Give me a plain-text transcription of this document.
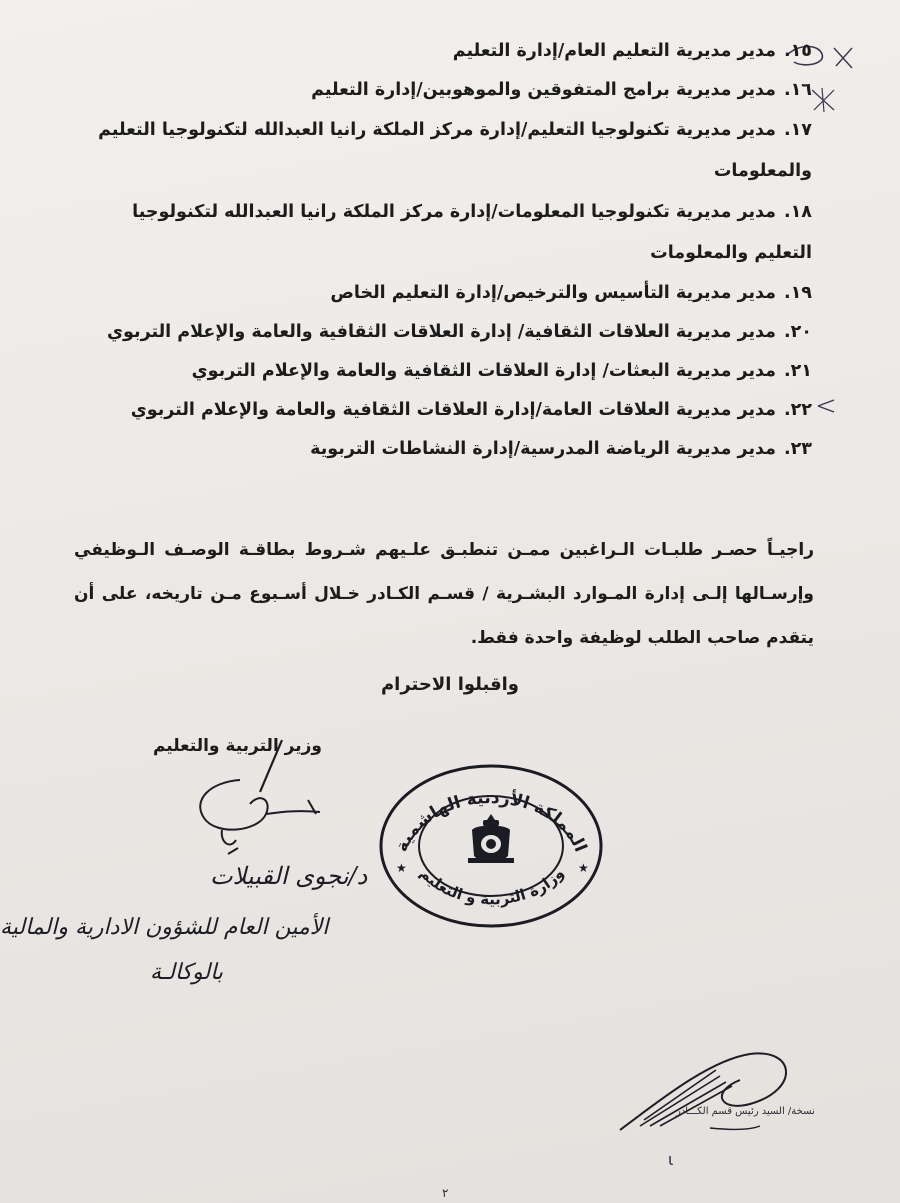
١٥.مدير مديرية التعليم العام/إدارة التعليم
١٦.مدير مديرية برامج المتفوقين والموهوبين/إدارة التعليم
١٧.مدير مديرية تكنولوجيا التعليم/إدارة مركز الملكة رانيا العبدالله لتكنولوجيا التعليم
والمعلومات
١٨.مدير مديرية تكنولوجيا المعلومات/إدارة مركز الملكة رانيا العبدالله لتكنولوجيا
التعليم والمعلومات
١٩.مدير مديرية التأسيس والترخيص/إدارة التعليم الخاص
٢٠.مدير مديرية العلاقات الثقافية/ إدارة العلاقات الثقافية والعامة والإعلام التربوي
٢١.مدير مديرية البعثات/ إدارة العلاقات الثقافية والعامة والإعلام التربوي
٢٢.مدير مديرية العلاقات العامة/إدارة العلاقات الثقافية والعامة والإعلام التربوي
٢٣.مدير مديرية الرياضة المدرسية/إدارة النشاطات التربوية
راجيـاً حصـر طلبـات الـراغبين ممـن تنطبـق علـيهم شـروط بطاقـة الوصـف الـوظيفي وإرسـالها إلـى إدارة المـوارد البشـرية / قسـم الكـادر خـلال أسـبوع مـن تاريخه، على أن يتقدم صاحب الطلب لوظيفة واحدة فقط.
واقبلوا الاحترام
وزير التربية والتعليم
د/نجوى القبيلات
الأمين العام للشؤون الادارية والمالية
بالوكالـة
المملكة الأردنية الهاشمية
وزارة التربية و التعليم
★	★
نسخة/ السيد رئيس قسم الكـــادر
ι
٢
